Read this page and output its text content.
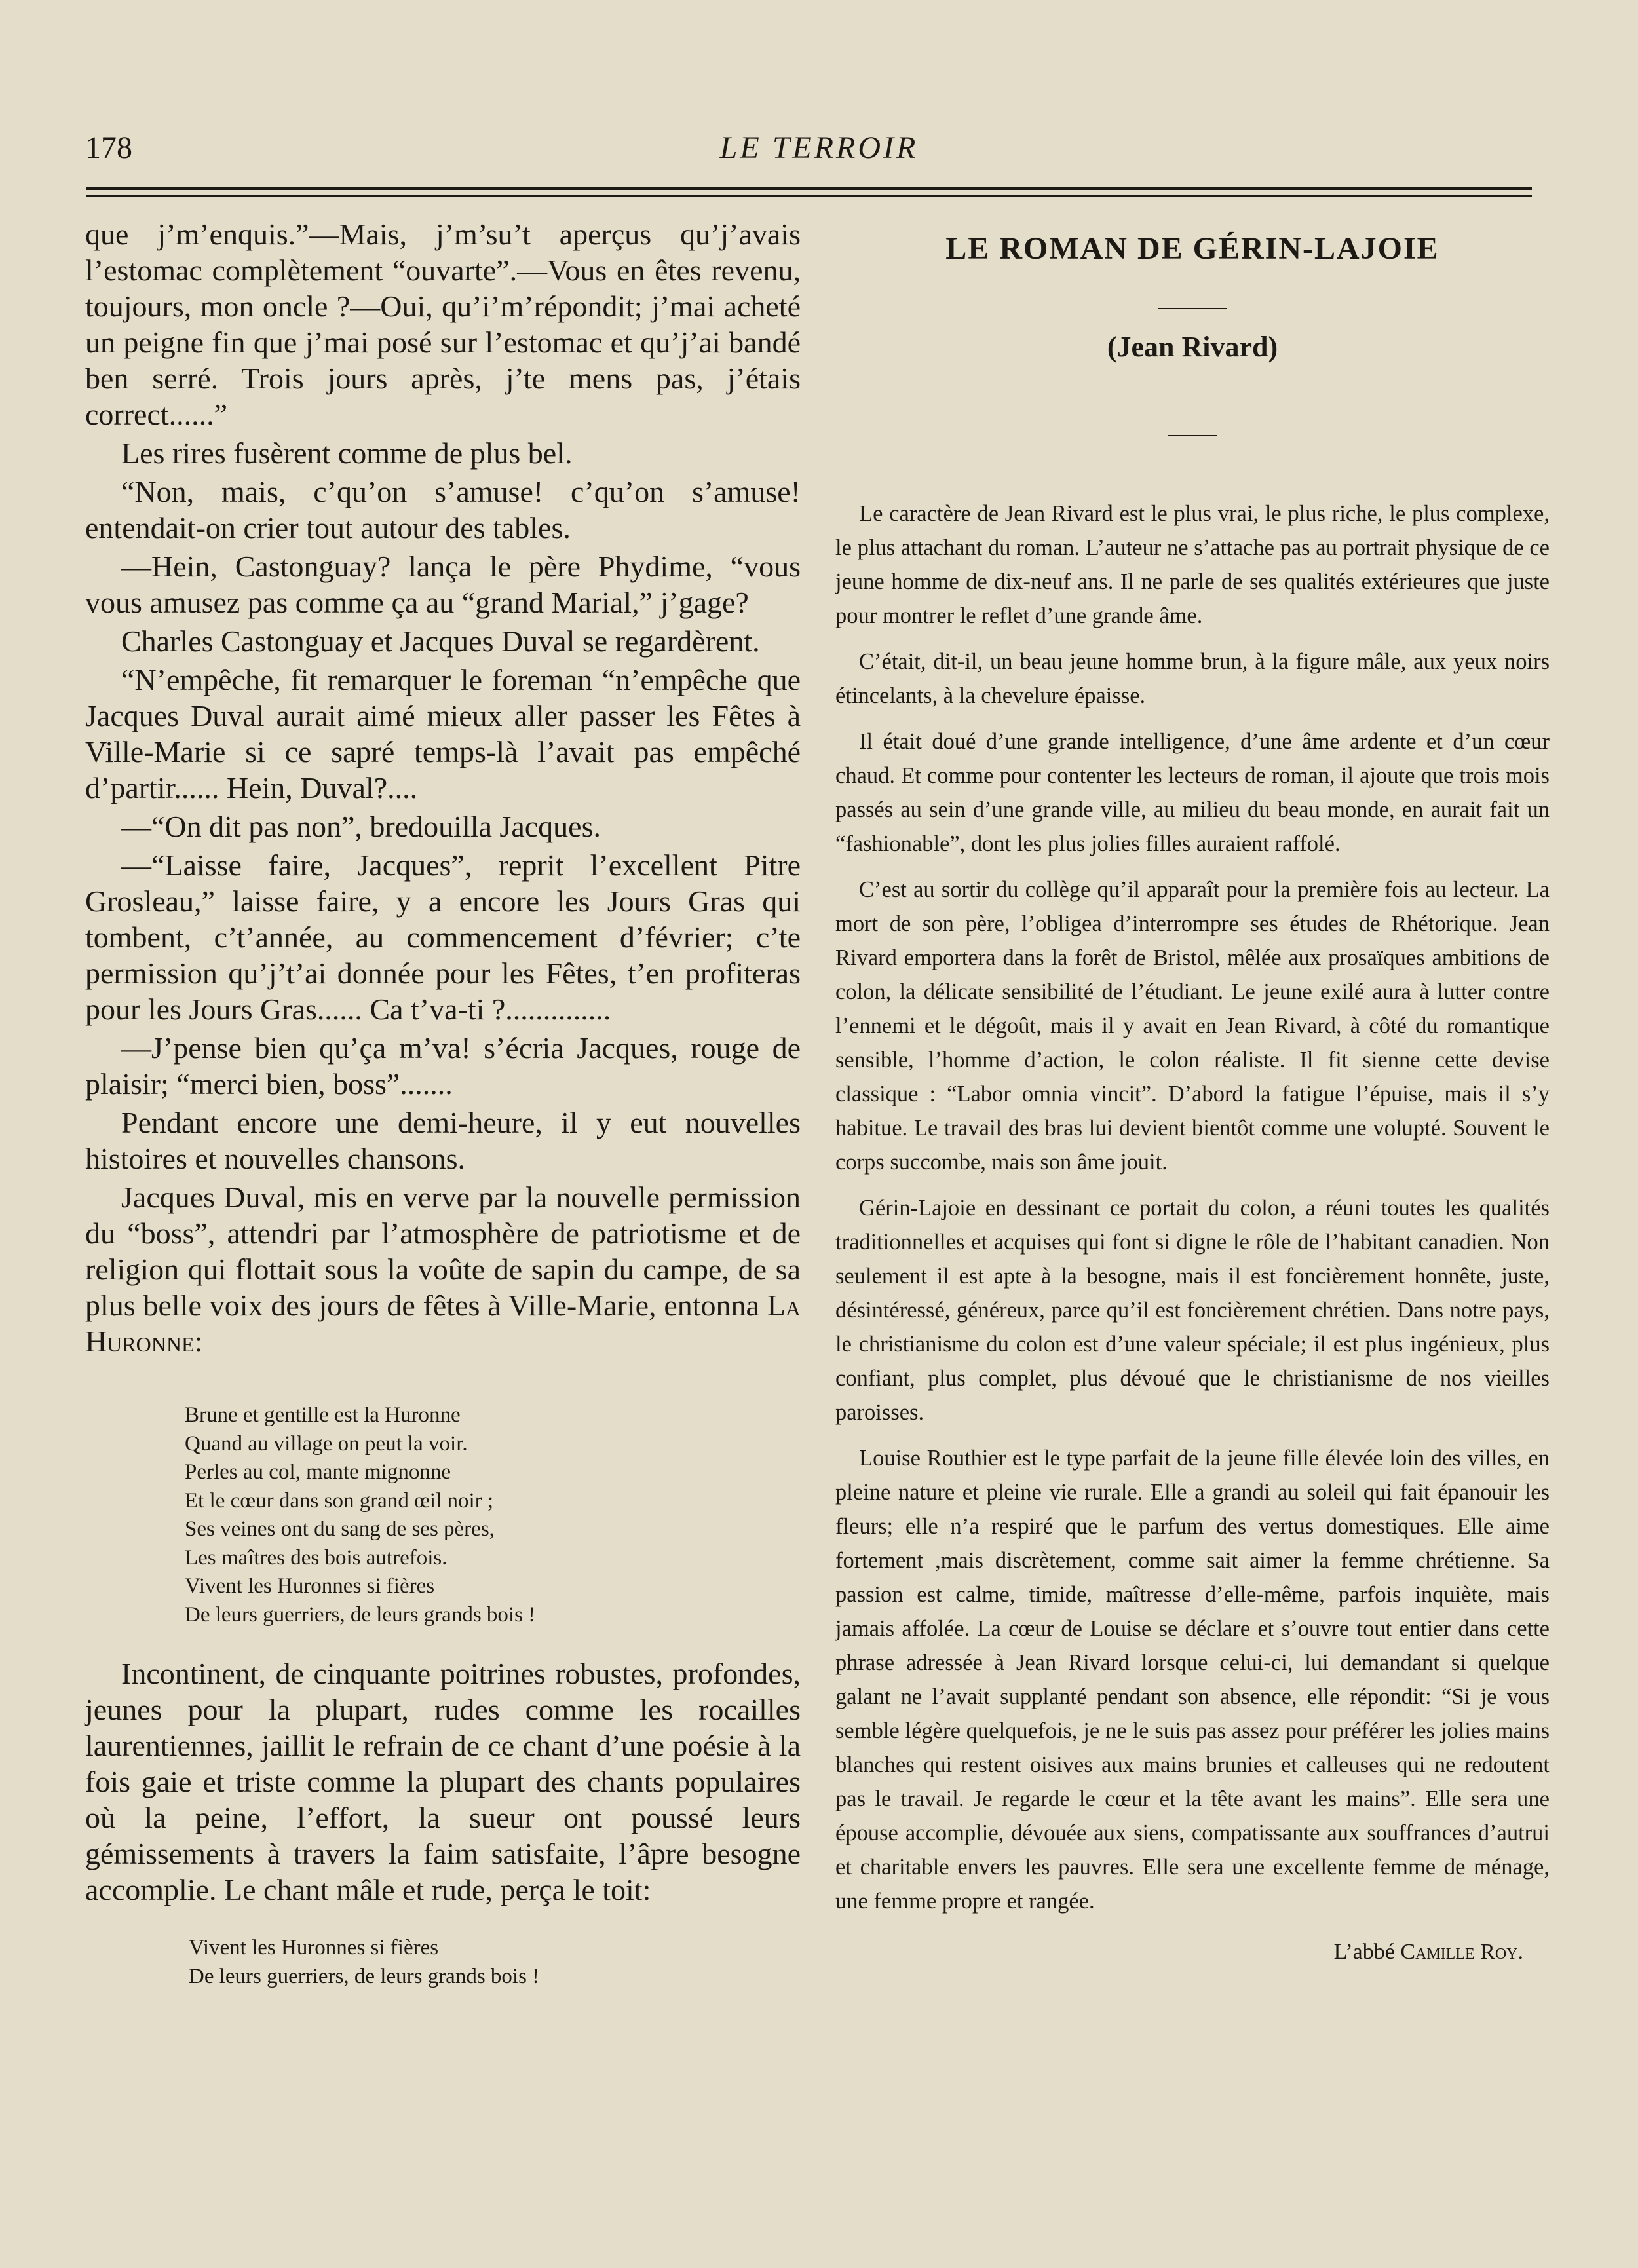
178	LE TERROIR

que j’m’enquis.”—Mais, j’m’su’t aperçus qu’j’avais l’estomac complètement “ouvarte”.—Vous en êtes revenu, toujours, mon oncle ?—Oui, qu’i’m’répondit; j’mai acheté un peigne fin que j’mai posé sur l’estomac et qu’j’ai bandé ben serré. Trois jours après, j’te mens pas, j’étais correct......”

Les rires fusèrent comme de plus bel.

“Non, mais, c’qu’on s’amuse! c’qu’on s’amuse! entendait-on crier tout autour des tables.

—Hein, Castonguay? lança le père Phydime, “vous vous amusez pas comme ça au “grand Marial,” j’gage?

Charles Castonguay et Jacques Duval se regardèrent.

“N’empêche, fit remarquer le foreman “n’empêche que Jacques Duval aurait aimé mieux aller passer les Fêtes à Ville-Marie si ce sapré temps-là l’avait pas empêché d’partir...... Hein, Duval?....

—“On dit pas non”, bredouilla Jacques.

—“Laisse faire, Jacques”, reprit l’excellent Pitre Grosleau,” laisse faire, y a encore les Jours Gras qui tombent, c’t’année, au commencement d’février; c’te permission qu’j’t’ai donnée pour les Fêtes, t’en profiteras pour les Jours Gras...... Ca t’va-ti ?..............

—J’pense bien qu’ça m’va! s’écria Jacques, rouge de plaisir; “merci bien, boss”.......

Pendant encore une demi-heure, il y eut nouvelles histoires et nouvelles chansons.

Jacques Duval, mis en verve par la nouvelle permission du “boss”, attendri par l’atmosphère de patriotisme et de religion qui flottait sous la voûte de sapin du campe, de sa plus belle voix des jours de fêtes à Ville-Marie, entonna La Huronne:

Brune et gentille est la Huronne
Quand au village on peut la voir.
Perles au col, mante mignonne
Et le cœur dans son grand œil noir ;
Ses veines ont du sang de ses pères,
Les maîtres des bois autrefois.
Vivent les Huronnes si fières
De leurs guerriers, de leurs grands bois !

Incontinent, de cinquante poitrines robustes, profondes, jeunes pour la plupart, rudes comme les rocailles laurentiennes, jaillit le refrain de ce chant d’une poésie à la fois gaie et triste comme la plupart des chants populaires où la peine, l’effort, la sueur ont poussé leurs gémissements à travers la faim satisfaite, l’âpre besogne accomplie. Le chant mâle et rude, perça le toit:

Vivent les Huronnes si fières
De leurs guerriers, de leurs grands bois !
LE ROMAN DE GÉRIN-LAJOIE
(Jean Rivard)

Le caractère de Jean Rivard est le plus vrai, le plus riche, le plus complexe, le plus attachant du roman. L’auteur ne s’attache pas au portrait physique de ce jeune homme de dix-neuf ans. Il ne parle de ses qualités extérieures que juste pour montrer le reflet d’une grande âme.

C’était, dit-il, un beau jeune homme brun, à la figure mâle, aux yeux noirs étincelants, à la chevelure épaisse.

Il était doué d’une grande intelligence, d’une âme ardente et d’un cœur chaud. Et comme pour contenter les lecteurs de roman, il ajoute que trois mois passés au sein d’une grande ville, au milieu du beau monde, en aurait fait un “fashionable”, dont les plus jolies filles auraient raffolé.

C’est au sortir du collège qu’il apparaît pour la première fois au lecteur. La mort de son père, l’obligea d’interrompre ses études de Rhétorique. Jean Rivard emportera dans la forêt de Bristol, mêlée aux prosaïques ambitions de colon, la délicate sensibilité de l’étudiant. Le jeune exilé aura à lutter contre l’ennemi et le dégoût, mais il y avait en Jean Rivard, à côté du romantique sensible, l’homme d’action, le colon réaliste. Il fit sienne cette devise classique : “Labor omnia vincit”. D’abord la fatigue l’épuise, mais il s’y habitue. Le travail des bras lui devient bientôt comme une volupté. Souvent le corps succombe, mais son âme jouit.

Gérin-Lajoie en dessinant ce portait du colon, a réuni toutes les qualités traditionnelles et acquises qui font si digne le rôle de l’habitant canadien. Non seulement il est apte à la besogne, mais il est foncièrement honnête, juste, désintéressé, généreux, parce qu’il est foncièrement chrétien. Dans notre pays, le christianisme du colon est d’une valeur spéciale; il est plus ingénieux, plus confiant, plus complet, plus dévoué que le christianisme de nos vieilles paroisses.

Louise Routhier est le type parfait de la jeune fille élevée loin des villes, en pleine nature et pleine vie rurale. Elle a grandi au soleil qui fait épanouir les fleurs; elle n’a respiré que le parfum des vertus domestiques. Elle aime fortement ,mais discrètement, comme sait aimer la femme chrétienne. Sa passion est calme, timide, maîtresse d’elle-même, parfois inquiète, mais jamais affolée. La cœur de Louise se déclare et s’ouvre tout entier dans cette phrase adressée à Jean Rivard lorsque celui-ci, lui demandant si quelque galant ne l’avait supplanté pendant son absence, elle répondit: “Si je vous semble légère quelquefois, je ne le suis pas assez pour préférer les jolies mains blanches qui restent oisives aux mains brunies et calleuses qui ne redoutent pas le travail. Je regarde le cœur et la tête avant les mains”. Elle sera une épouse accomplie, dévouée aux siens, compatissante aux souffrances d’autrui et charitable envers les pauvres. Elle sera une excellente femme de ménage, une femme propre et rangée.

L’abbé Camille Roy.
